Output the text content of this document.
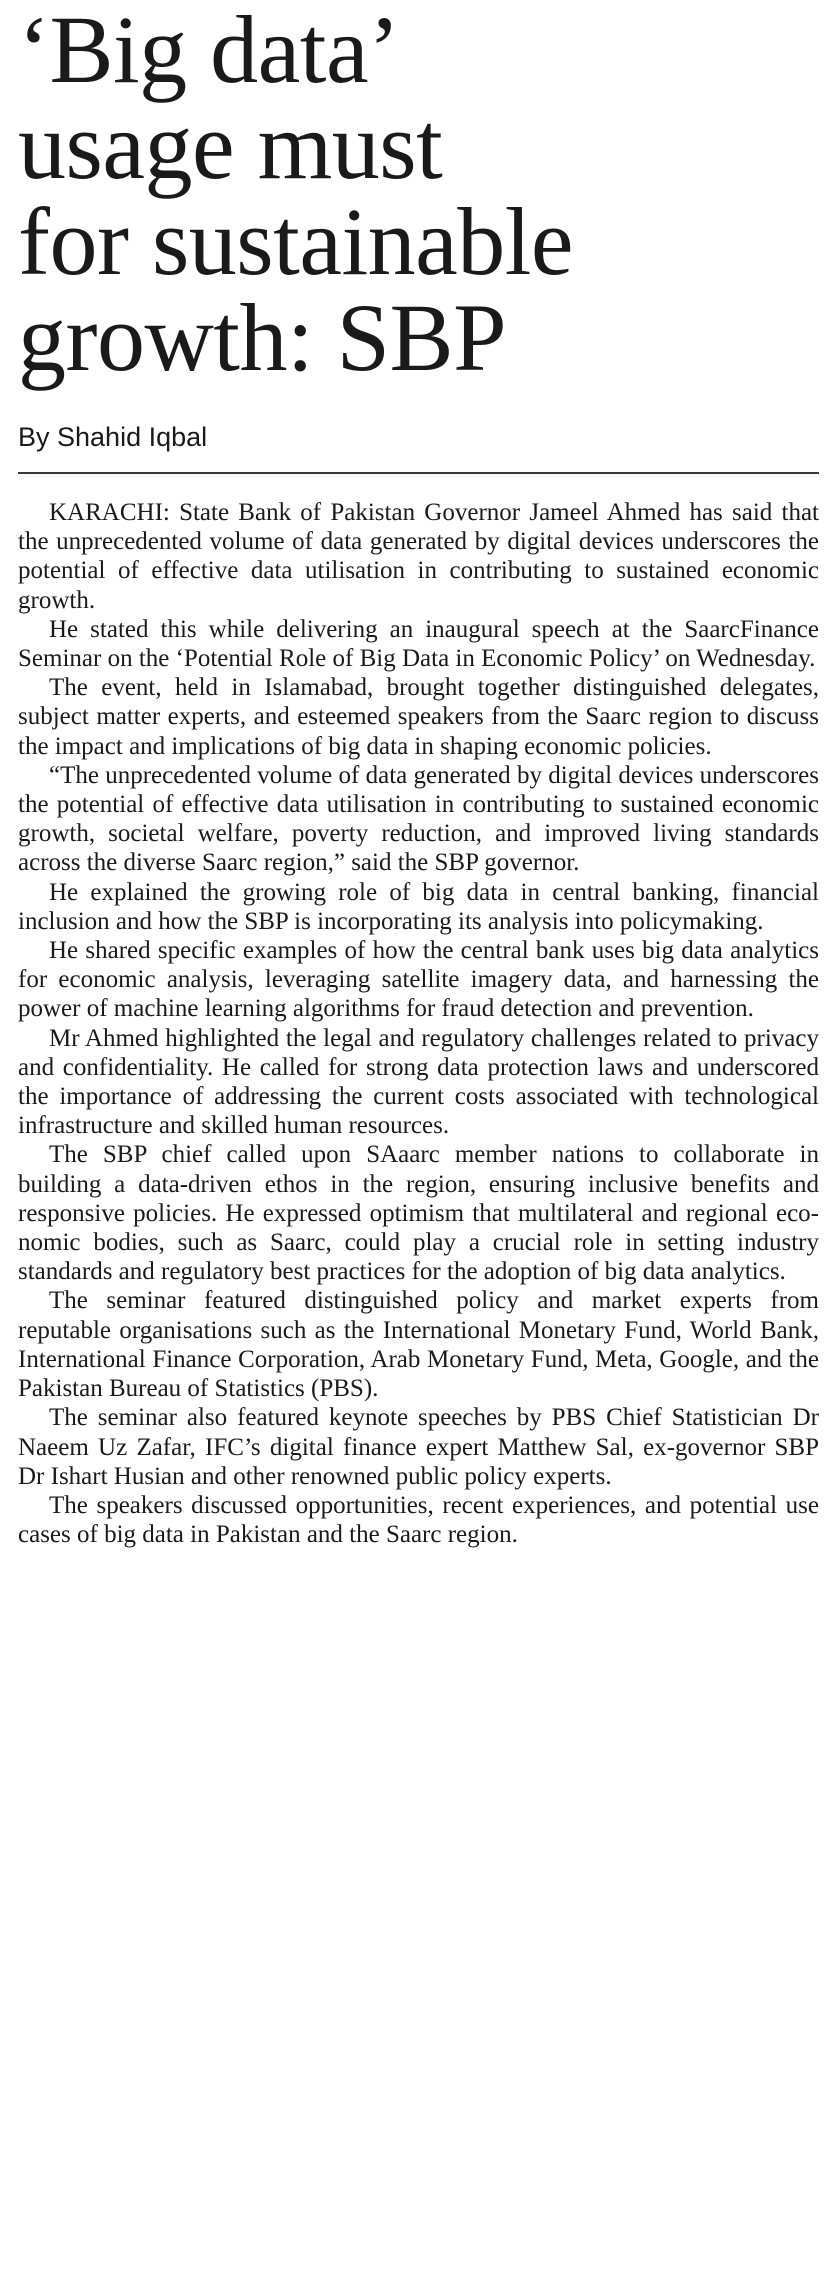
‘Big data’
usage must
for sustainable
growth: SBP
By Shahid Iqbal

KARACHI: State Bank of Pakistan Governor Jameel Ahmed has said that the unprecedented volume of data generated by digital devices underscores the potential of effective data utilisation in contributing to sustained economic growth.

He stated this while delivering an inaugural speech at the SaarcFinance Seminar on the ‘Potential Role of Big Data in Economic Policy’ on Wednesday.

The event, held in Islamabad, brought together distinguished delegates, subject matter experts, and esteemed speakers from the Saarc region to discuss the impact and implications of big data in shaping economic policies.

“The unprecedented volume of data generated by digital devices underscores the potential of effective data utilisation in contributing to sustained economic growth, societal welfare, poverty reduction, and improved living standards across the diverse Saarc region,” said the SBP governor.

He explained the growing role of big data in central banking, financial inclusion and how the SBP is incorporating its analysis into policymaking.

He shared specific examples of how the central bank uses big data analytics for economic analysis, leveraging satellite imagery data, and harnessing the power of machine learning algorithms for fraud detection and prevention.

Mr Ahmed highlighted the legal and regulatory challenges related to privacy and confidentiality. He called for strong data protection laws and underscored the importance of addressing the current costs associated with technological infrastructure and skilled human resources.

The SBP chief called upon SAaarc member nations to collaborate in building a data-driven ethos in the region, ensuring inclusive benefits and responsive policies. He expressed optimism that multilateral and regional economic bodies, such as Saarc, could play a crucial role in setting industry standards and regulatory best practices for the adoption of big data analytics.

The seminar featured distinguished policy and market experts from reputable organisations such as the International Monetary Fund, World Bank, International Finance Corporation, Arab Monetary Fund, Meta, Google, and the Pakistan Bureau of Statistics (PBS).

The seminar also featured keynote speeches by PBS Chief Statistician Dr Naeem Uz Zafar, IFC’s digital finance expert Matthew Sal, ex-governor SBP Dr Ishart Husian and other renowned public policy experts.

The speakers discussed opportunities, recent experiences, and potential use cases of big data in Pakistan and the Saarc region.
